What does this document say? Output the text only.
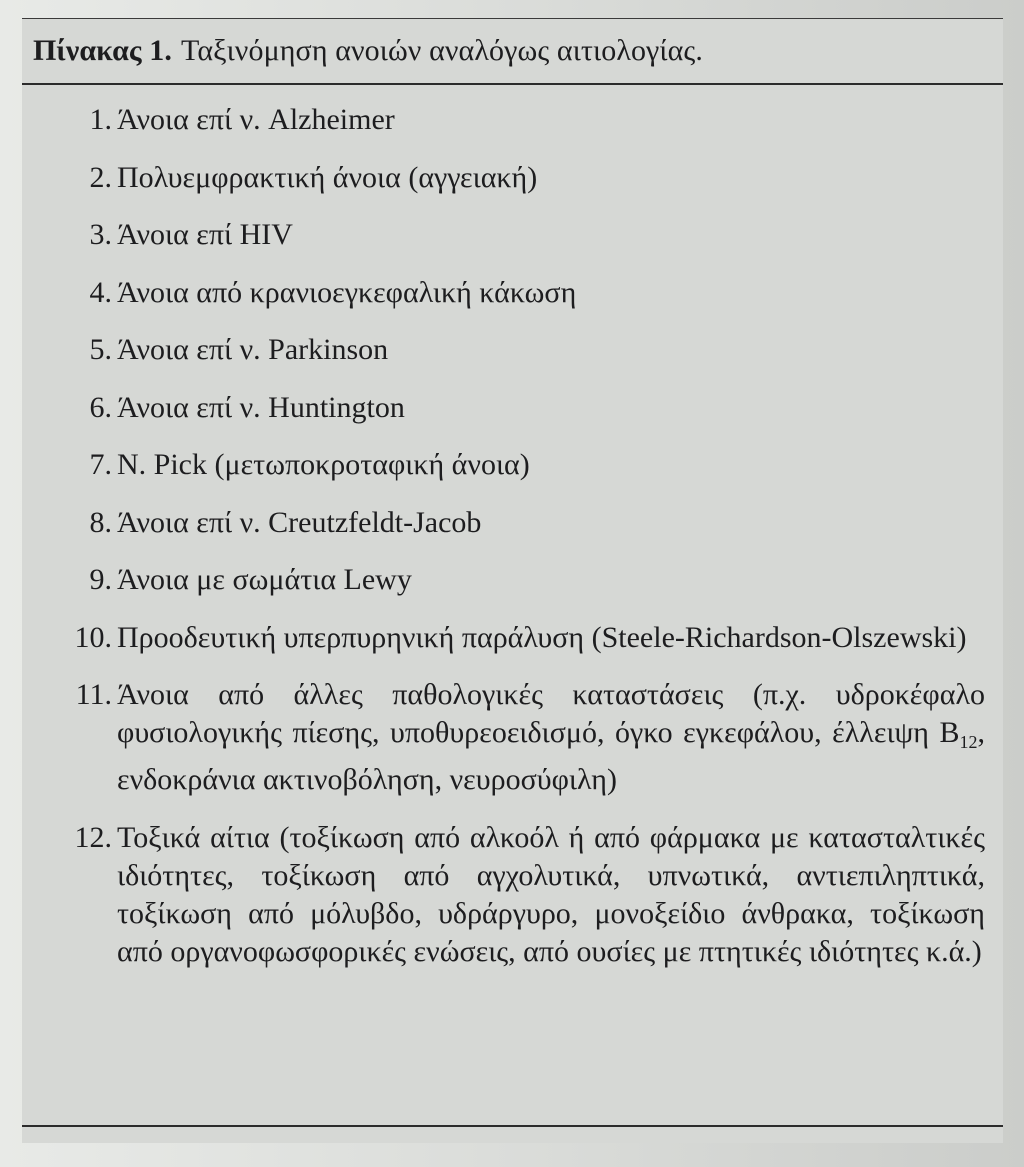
Πίνακας 1. Ταξινόμηση ανοιών αναλόγως αιτιολογίας.
1. Άνοια επί ν. Alzheimer
2. Πολυεμφρακτική άνοια (αγγειακή)
3. Άνοια επί HIV
4. Άνοια από κρανιοεγκεφαλική κάκωση
5. Άνοια επί ν. Parkinson
6. Άνοια επί ν. Huntington
7. Ν. Pick (μετωποκροταφική άνοια)
8. Άνοια επί ν. Creutzfeldt-Jacob
9. Άνοια με σωμάτια Lewy
10. Προοδευτική υπερπυρηνική παράλυση (Steele-Richardson-Olszewski)
11. Άνοια από άλλες παθολογικές καταστάσεις (π.χ. υδροκέφαλο φυσιολογικής πίεσης, υποθυρεοειδισμό, όγκο εγκεφάλου, έλλειψη $B_{12}$, ενδοκράνια ακτινοβόληση, νευροσύφιλη)
12. Τοξικά αίτια (τοξίκωση από αλκοόλ ή από φάρμακα με κατασταλτικές ιδιότητες, τοξίκωση από αγχολυτικά, υπνωτικά, αντιεπιληπτικά, τοξίκωση από μόλυβδο, υδράργυρο, μονοξείδιο άνθρακα, τοξίκωση από οργανοφωσφορικές ενώσεις, από ουσίες με πτητικές ιδιότητες κ.ά.)
